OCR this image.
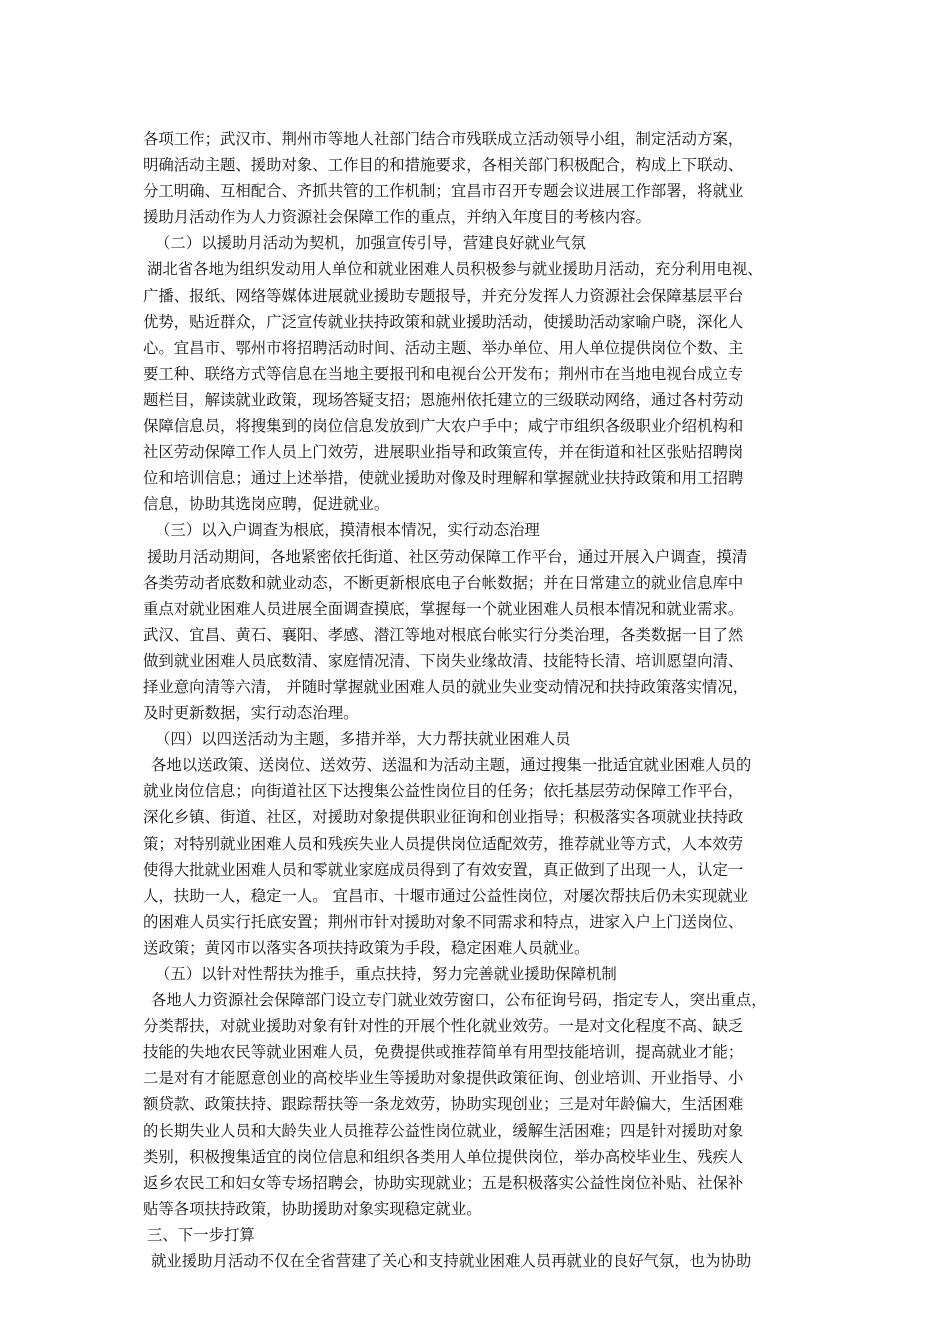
各项工作；武汉市、荆州市等地人社部门结合市残联成立活动领导小组，制定活动方案，
明确活动主题、援助对象、工作目的和措施要求，各相关部门积极配合，构成上下联动、
分工明确、互相配合、齐抓共管的工作机制；宜昌市召开专题会议进展工作部署，将就业
援助月活动作为人力资源社会保障工作的重点，并纳入年度目的考核内容。
（二）以援助月活动为契机，加强宣传引导，营建良好就业气氛
湖北省各地为组织发动用人单位和就业困难人员积极参与就业援助月活动，充分利用电视、
广播、报纸、网络等媒体进展就业援助专题报导，并充分发挥人力资源社会保障基层平台
优势，贴近群众，广泛宣传就业扶持政策和就业援助活动，使援助活动家喻户晓，深化人
心。宜昌市、鄂州市将招聘活动时间、活动主题、举办单位、用人单位提供岗位个数、主
要工种、联络方式等信息在当地主要报刊和电视台公开发布；荆州市在当地电视台成立专
题栏目，解读就业政策，现场答疑支招；恩施州依托建立的三级联动网络，通过各村劳动
保障信息员，将搜集到的岗位信息发放到广大农户手中；咸宁市组织各级职业介绍机构和
社区劳动保障工作人员上门效劳，进展职业指导和政策宣传，并在街道和社区张贴招聘岗
位和培训信息；通过上述举措，使就业援助对像及时理解和掌握就业扶持政策和用工招聘
信息，协助其选岗应聘，促进就业。
（三）以入户调查为根底，摸清根本情况，实行动态治理
援助月活动期间，各地紧密依托街道、社区劳动保障工作平台，通过开展入户调查，摸清
各类劳动者底数和就业动态，不断更新根底电子台帐数据；并在日常建立的就业信息库中
重点对就业困难人员进展全面调查摸底，掌握每一个就业困难人员根本情况和就业需求。
武汉、宜昌、黄石、襄阳、孝感、潜江等地对根底台帐实行分类治理，各类数据一目了然
做到就业困难人员底数清、家庭情况清、下岗失业缘故清、技能特长清、培训愿望向清、
择业意向清等六清， 并随时掌握就业困难人员的就业失业变动情况和扶持政策落实情况，
及时更新数据，实行动态治理。
（四）以四送活动为主题，多措并举，大力帮扶就业困难人员
各地以送政策、送岗位、送效劳、送温和为活动主题，通过搜集一批适宜就业困难人员的
就业岗位信息；向街道社区下达搜集公益性岗位目的任务；依托基层劳动保障工作平台，
深化乡镇、街道、社区，对援助对象提供职业征询和创业指导；积极落实各项就业扶持政
策；对特别就业困难人员和残疾失业人员提供岗位适配效劳，推荐就业等方式，人本效劳
使得大批就业困难人员和零就业家庭成员得到了有效安置，真正做到了出现一人，认定一
人，扶助一人，稳定一人。 宜昌市、十堰市通过公益性岗位，对屡次帮扶后仍未实现就业
的困难人员实行托底安置；荆州市针对援助对象不同需求和特点，进家入户上门送岗位、
送政策；黄冈市以落实各项扶持政策为手段，稳定困难人员就业。
（五）以针对性帮扶为推手，重点扶持，努力完善就业援助保障机制
各地人力资源社会保障部门设立专门就业效劳窗口，公布征询号码，指定专人，突出重点，
分类帮扶，对就业援助对象有针对性的开展个性化就业效劳。一是对文化程度不高、缺乏
技能的失地农民等就业困难人员，免费提供或推荐简单有用型技能培训，提高就业才能；
二是对有才能愿意创业的高校毕业生等援助对象提供政策征询、创业培训、开业指导、小
额贷款、政策扶持、跟踪帮扶等一条龙效劳，协助实现创业；三是对年龄偏大，生活困难
的长期失业人员和大龄失业人员推荐公益性岗位就业，缓解生活困难；四是针对援助对象
类别，积极搜集适宜的岗位信息和组织各类用人单位提供岗位，举办高校毕业生、残疾人
返乡农民工和妇女等专场招聘会，协助实现就业；五是积极落实公益性岗位补贴、社保补
贴等各项扶持政策，协助援助对象实现稳定就业。
三、下一步打算
就业援助月活动不仅在全省营建了关心和支持就业困难人员再就业的良好气氛，也为协助
